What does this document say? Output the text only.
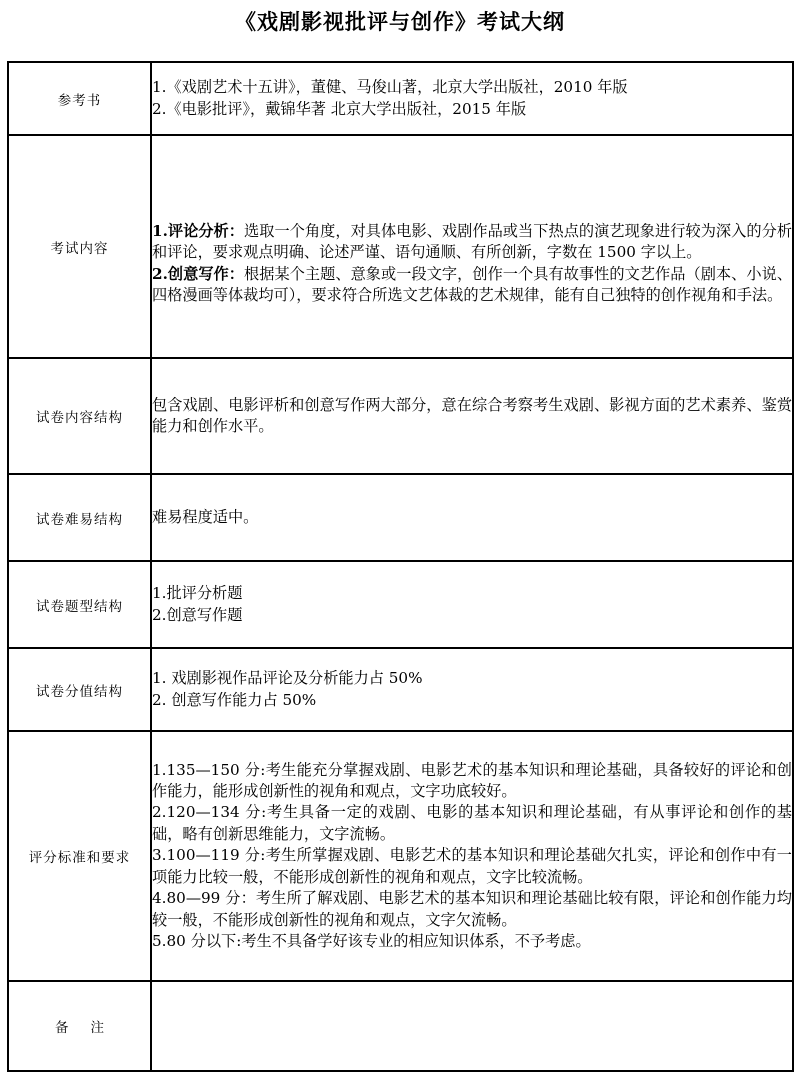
《戏剧影视批评与创作》考试大纲
参考书	1.《戏剧艺术十五讲》，董健、马俊山著，北京大学出版社，2010 年版
2.《电影批评》，戴锦华著 北京大学出版社，2015 年版

考试内容	1.评论分析：选取一个角度，对具体电影、戏剧作品或当下热点的演艺现象进行较为深入的分析和评论，要求观点明确、论述严谨、语句通顺、有所创新，字数在 1500 字以上。
2.创意写作：根据某个主题、意象或一段文字，创作一个具有故事性的文艺作品（剧本、小说、四格漫画等体裁均可），要求符合所选文艺体裁的艺术规律，能有自己独特的创作视角和手法。

试卷内容结构	包含戏剧、电影评析和创意写作两大部分，意在综合考察考生戏剧、影视方面的艺术素养、鉴赏能力和创作水平。
试卷难易结构	难易程度适中。
试卷题型结构	1.批评分析题
2.创意写作题

试卷分值结构	1. 戏剧影视作品评论及分析能力占 50%
2. 创意写作能力占 50%

评分标准和要求	1.135—150 分:考生能充分掌握戏剧、电影艺术的基本知识和理论基础，具备较好的评论和创作能力，能形成创新性的视角和观点，文字功底较好。
2.120—134 分:考生具备一定的戏剧、电影的基本知识和理论基础，有从事评论和创作的基础，略有创新思维能力，文字流畅。
3.100—119 分:考生所掌握戏剧、电影艺术的基本知识和理论基础欠扎实，评论和创作中有一项能力比较一般，不能形成创新性的视角和观点，文字比较流畅。
4.80—99 分：考生所了解戏剧、电影艺术的基本知识和理论基础比较有限，评论和创作能力均较一般，不能形成创新性的视角和观点，文字欠流畅。
5.80 分以下:考生不具备学好该专业的相应知识体系，不予考虑。

备注	
